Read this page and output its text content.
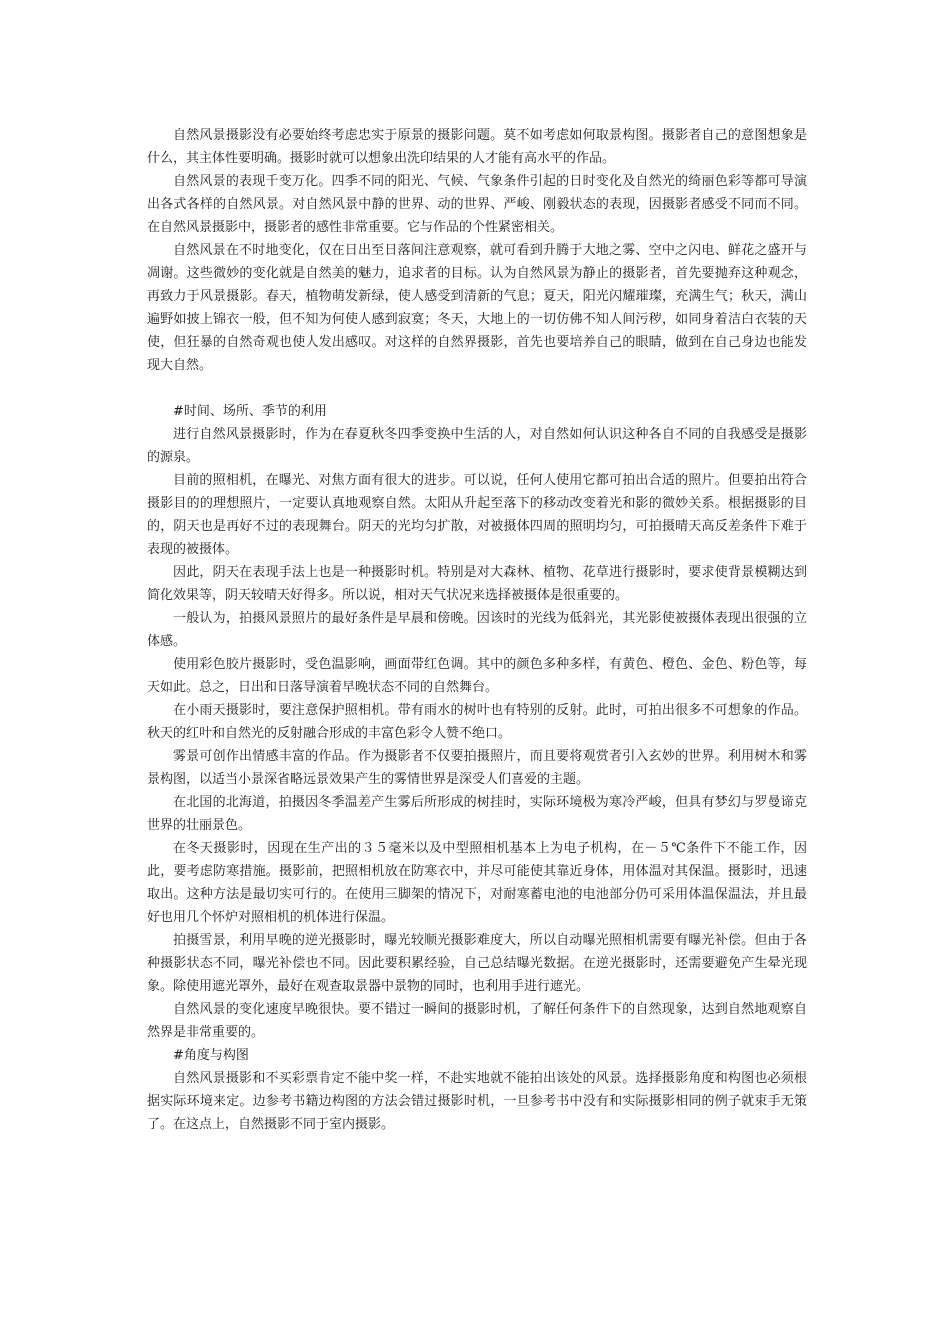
自然风景摄影没有必要始终考虑忠实于原景的摄影问题。莫不如考虑如何取景构图。摄影者自己的意图想象是什么，其主体性要明确。摄影时就可以想象出洗印结果的人才能有高水平的作品。

自然风景的表现千变万化。四季不同的阳光、气候、气象条件引起的日时变化及自然光的绮丽色彩等都可导演出各式各样的自然风景。对自然风景中静的世界、动的世界、严峻、刚毅状态的表现，因摄影者感受不同而不同。在自然风景摄影中，摄影者的感性非常重要。它与作品的个性紧密相关。

自然风景在不时地变化，仅在日出至日落间注意观察，就可看到升腾于大地之雾、空中之闪电、鲜花之盛开与凋谢。这些微妙的变化就是自然美的魅力，追求者的目标。认为自然风景为静止的摄影者，首先要抛弃这种观念，再致力于风景摄影。春天，植物萌发新绿，使人感受到清新的气息；夏天，阳光闪耀璀璨，充满生气；秋天，满山遍野如披上锦衣一般，但不知为何使人感到寂寞；冬天，大地上的一切仿佛不知人间污秽，如同身着洁白衣装的天使，但狂暴的自然奇观也使人发出感叹。对这样的自然界摄影，首先也要培养自己的眼睛，做到在自己身边也能发现大自然。

#时间、场所、季节的利用

进行自然风景摄影时，作为在春夏秋冬四季变换中生活的人，对自然如何认识这种各自不同的自我感受是摄影的源泉。

目前的照相机，在曝光、对焦方面有很大的进步。可以说，任何人使用它都可拍出合适的照片。但要拍出符合摄影目的的理想照片，一定要认真地观察自然。太阳从升起至落下的移动改变着光和影的微妙关系。根据摄影的目的，阴天也是再好不过的表现舞台。阴天的光均匀扩散，对被摄体四周的照明均匀，可拍摄晴天高反差条件下难于表现的被摄体。

因此，阴天在表现手法上也是一种摄影时机。特别是对大森林、植物、花草进行摄影时，要求使背景模糊达到简化效果等，阴天较晴天好得多。所以说，相对天气状况来选择被摄体是很重要的。

一般认为，拍摄风景照片的最好条件是早晨和傍晚。因该时的光线为低斜光，其光影使被摄体表现出很强的立体感。

使用彩色胶片摄影时，受色温影响，画面带红色调。其中的颜色多种多样，有黄色、橙色、金色、粉色等，每天如此。总之，日出和日落导演着早晚状态不同的自然舞台。

在小雨天摄影时，要注意保护照相机。带有雨水的树叶也有特别的反射。此时，可拍出很多不可想象的作品。秋天的红叶和自然光的反射融合形成的丰富色彩令人赞不绝口。

雾景可创作出情感丰富的作品。作为摄影者不仅要拍摄照片，而且要将观赏者引入玄妙的世界。利用树木和雾景构图，以适当小景深省略远景效果产生的雾情世界是深受人们喜爱的主题。

在北国的北海道，拍摄因冬季温差产生雾后所形成的树挂时，实际环境极为寒冷严峻，但具有梦幻与罗曼谛克世界的壮丽景色。

在冬天摄影时，因现在生产出的３５毫米以及中型照相机基本上为电子机构，在－５℃条件下不能工作，因此，要考虑防寒措施。摄影前，把照相机放在防寒衣中，并尽可能使其靠近身体，用体温对其保温。摄影时，迅速取出。这种方法是最切实可行的。在使用三脚架的情况下，对耐寒蓄电池的电池部分仍可采用体温保温法，并且最好也用几个怀炉对照相机的机体进行保温。

拍摄雪景，利用早晚的逆光摄影时，曝光较顺光摄影难度大，所以自动曝光照相机需要有曝光补偿。但由于各种摄影状态不同，曝光补偿也不同。因此要积累经验，自己总结曝光数据。在逆光摄影时，还需要避免产生晕光现象。除使用遮光罩外，最好在观查取景器中景物的同时，也利用手进行遮光。

自然风景的变化速度早晚很快。要不错过一瞬间的摄影时机，了解任何条件下的自然现象，达到自然地观察自然界是非常重要的。

#角度与构图

自然风景摄影和不买彩票肯定不能中奖一样，不赴实地就不能拍出该处的风景。选择摄影角度和构图也必须根据实际环境来定。边参考书籍边构图的方法会错过摄影时机，一旦参考书中没有和实际摄影相同的例子就束手无策了。在这点上，自然摄影不同于室内摄影。
